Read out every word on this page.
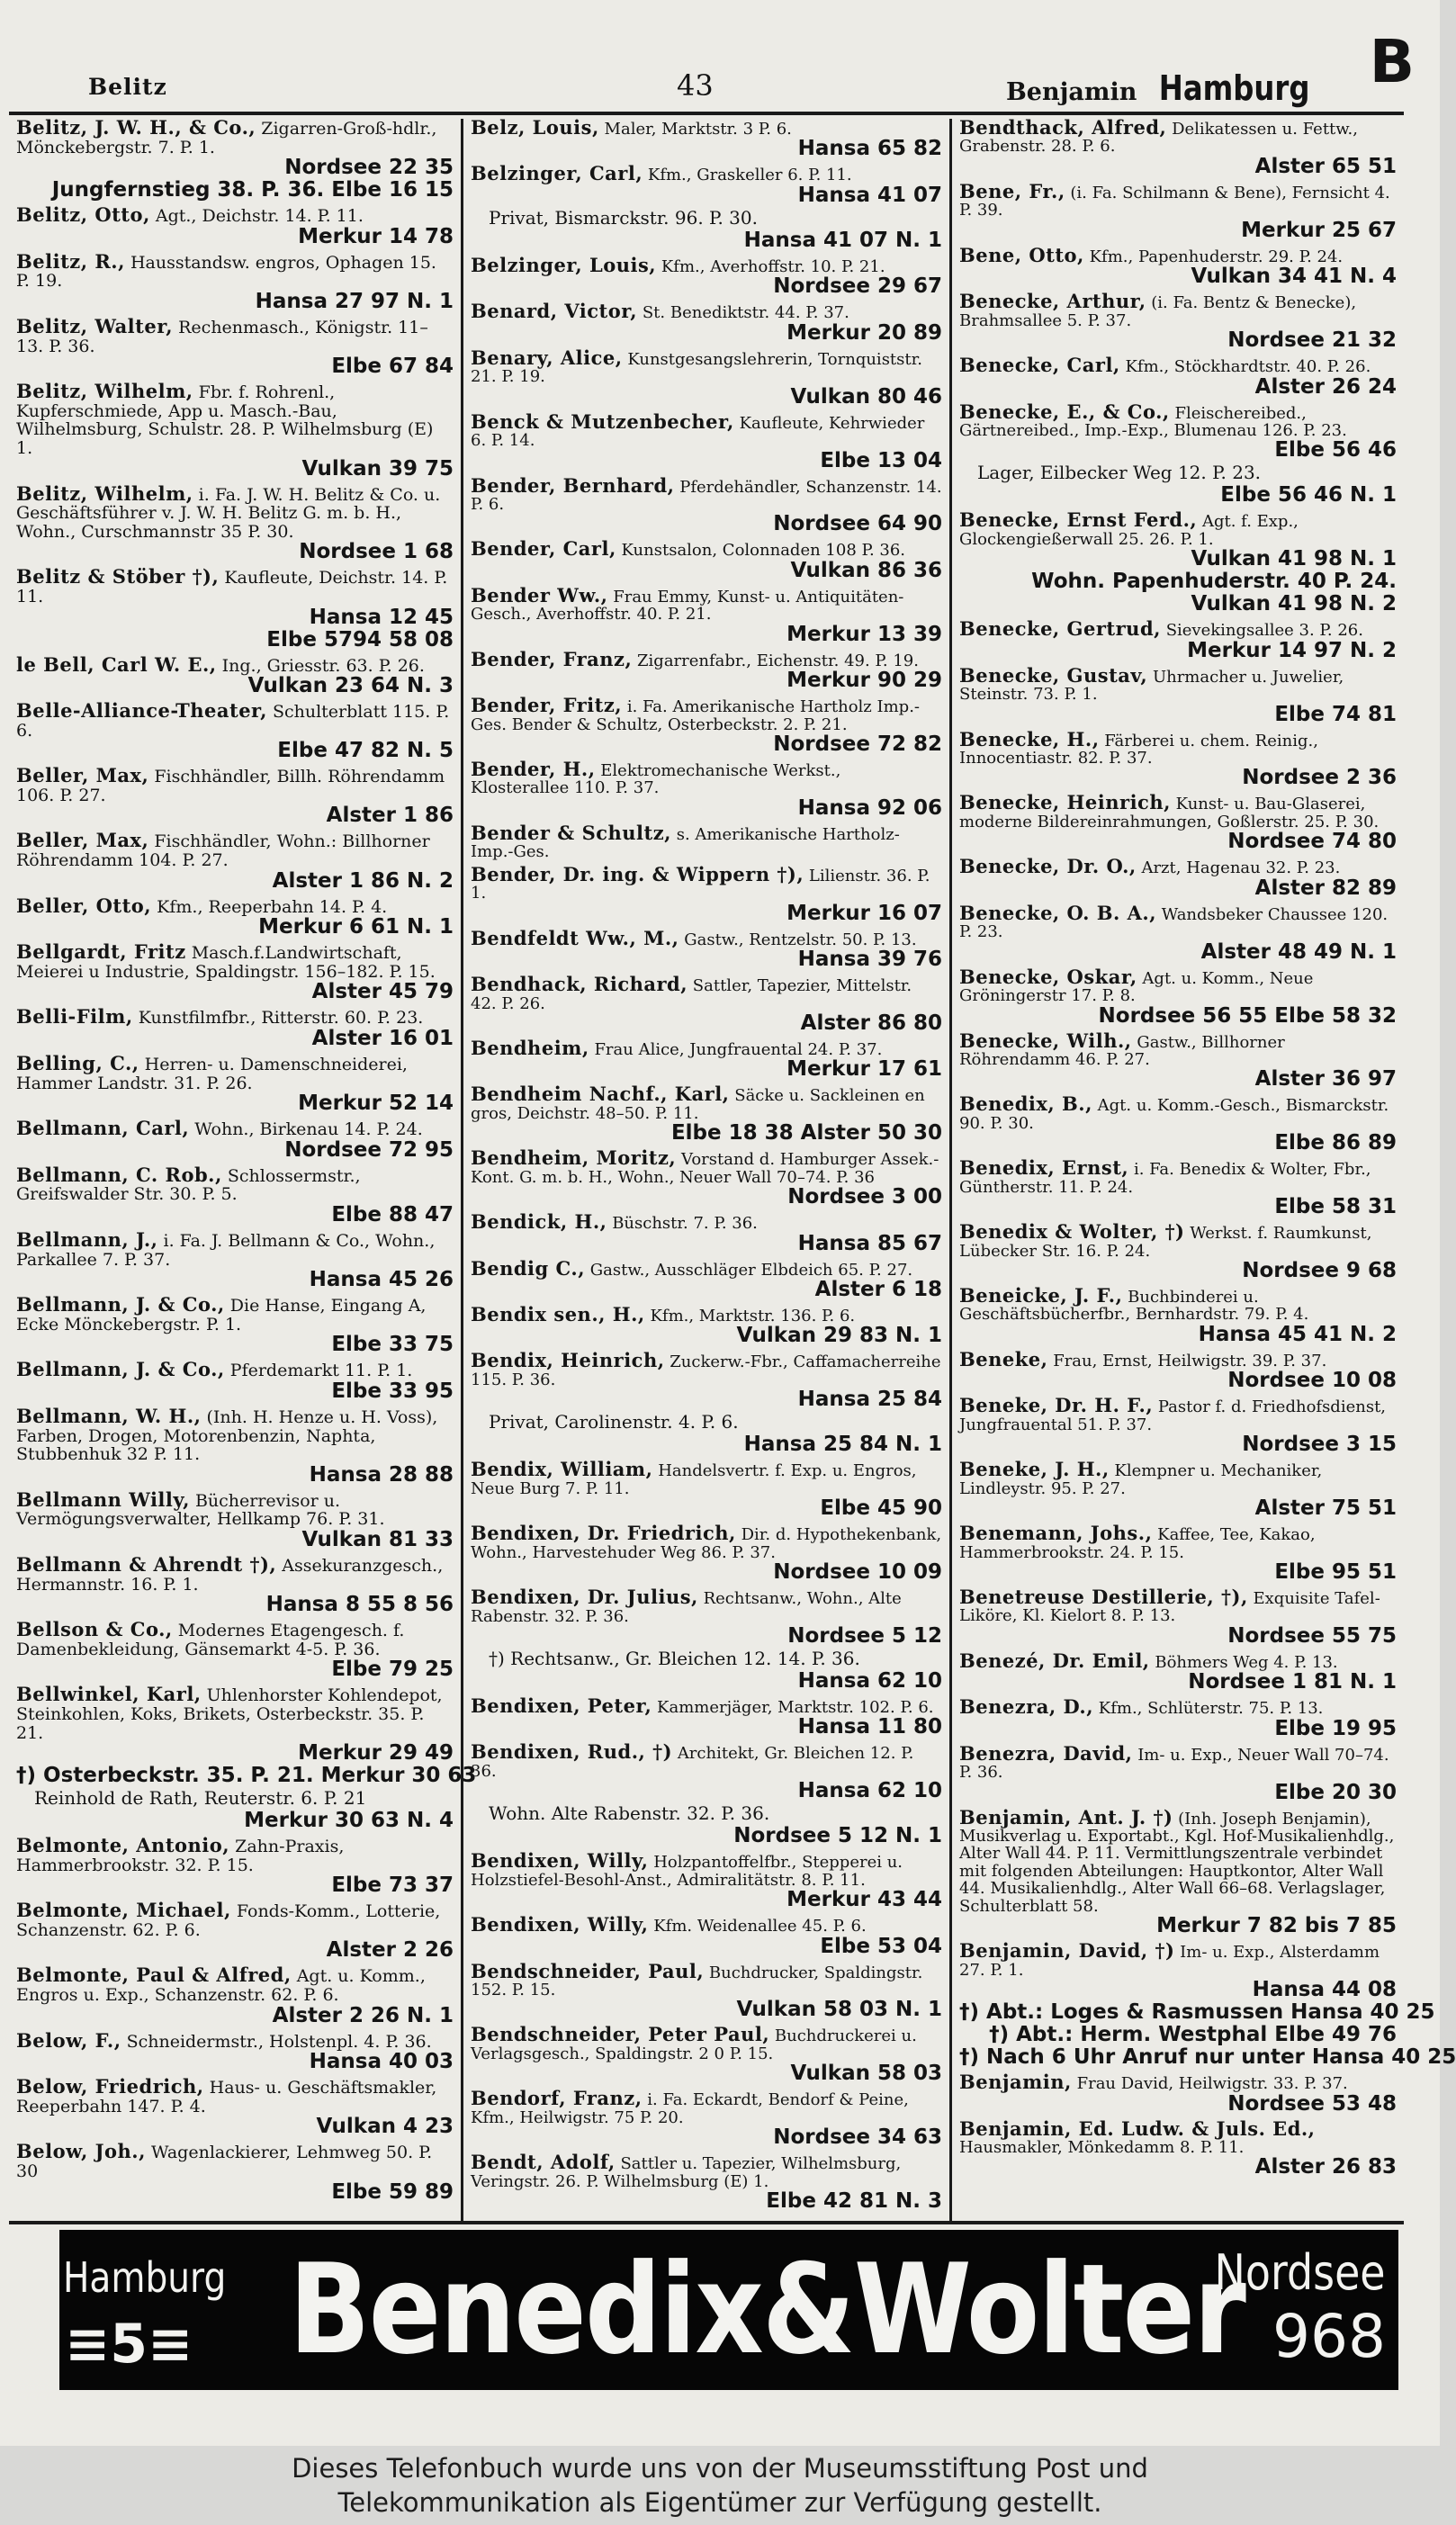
Belitz	43	Benjamin Hamburg B
Belitz, J. W. H., & Co., Zigarren-Groß-hdlr., Mönckebergstr. 7. P. 1.
Nordsee 22 35
Jungfernstieg 38. P. 36. Elbe 16 15
Belitz, Otto, Agt., Deichstr. 14. P. 11.
Merkur 14 78
Belitz, R., Hausstandsw. engros, Ophagen 15. P. 19.
Hansa 27 97 N. 1
Belitz, Walter, Rechenmasch., Königstr. 11–13. P. 36.
Elbe 67 84
Belitz, Wilhelm, Fbr. f. Rohrenl., Kupferschmiede, App u. Masch.-Bau, Wilhelmsburg, Schulstr. 28. P. Wilhelmsburg (E) 1.
Vulkan 39 75
Belitz, Wilhelm, i. Fa. J. W. H. Belitz & Co. u. Geschäftsführer v. J. W. H. Belitz G. m. b. H., Wohn., Curschmannstr 35 P. 30.
Nordsee 1 68
Belitz & Stöber †), Kaufleute, Deichstr. 14. P. 11.
Hansa 12 45
Elbe 5794 58 08
le Bell, Carl W. E., Ing., Griesstr. 63. P. 26.
Vulkan 23 64 N. 3
Belle-Alliance-Theater, Schulterblatt 115. P. 6.
Elbe 47 82 N. 5
Beller, Max, Fischhändler, Billh. Röhrendamm 106. P. 27.
Alster 1 86
Beller, Max, Fischhändler, Wohn.: Billhorner Röhrendamm 104. P. 27.
Alster 1 86 N. 2
Beller, Otto, Kfm., Reeperbahn 14. P. 4.
Merkur 6 61 N. 1
Bellgardt, Fritz Masch.f.Landwirtschaft, Meierei u Industrie, Spaldingstr. 156–182. P. 15.
Alster 45 79
Belli-Film, Kunstfilmfbr., Ritterstr. 60. P. 23.
Alster 16 01
Belling, C., Herren- u. Damenschneiderei, Hammer Landstr. 31. P. 26.
Merkur 52 14
Bellmann, Carl, Wohn., Birkenau 14. P. 24.
Nordsee 72 95
Bellmann, C. Rob., Schlossermstr., Greifswalder Str. 30. P. 5.
Elbe 88 47
Bellmann, J., i. Fa. J. Bellmann & Co., Wohn., Parkallee 7. P. 37.
Hansa 45 26
Bellmann, J. & Co., Die Hanse, Eingang A, Ecke Mönckebergstr. P. 1.
Elbe 33 75
Bellmann, J. & Co., Pferdemarkt 11. P. 1.
Elbe 33 95
Bellmann, W. H., (Inh. H. Henze u. H. Voss), Farben, Drogen, Motorenbenzin, Naphta, Stubbenhuk 32 P. 11.
Hansa 28 88
Bellmann Willy, Bücherrevisor u. Vermögungsverwalter, Hellkamp 76. P. 31.
Vulkan 81 33
Bellmann & Ahrendt †), Assekuranzgesch., Hermannstr. 16. P. 1.
Hansa 8 55 8 56
Bellson & Co., Modernes Etagengesch. f. Damenbekleidung, Gänsemarkt 4-5. P. 36.
Elbe 79 25
Bellwinkel, Karl, Uhlenhorster Kohlendepot, Steinkohlen, Koks, Brikets, Osterbeckstr. 35. P. 21.
Merkur 29 49
†) Osterbeckstr. 35. P. 21. Merkur 30 63
Reinhold de Rath, Reuterstr. 6. P. 21
Merkur 30 63 N. 4
Belmonte, Antonio, Zahn-Praxis, Hammerbrookstr. 32. P. 15.
Elbe 73 37
Belmonte, Michael, Fonds-Komm., Lotterie, Schanzenstr. 62. P. 6.
Alster 2 26
Belmonte, Paul & Alfred, Agt. u. Komm., Engros u. Exp., Schanzenstr. 62. P. 6.
Alster 2 26 N. 1
Below, F., Schneidermstr., Holstenpl. 4. P. 36.
Hansa 40 03
Below, Friedrich, Haus- u. Geschäftsmakler, Reeperbahn 147. P. 4.
Vulkan 4 23
Below, Joh., Wagenlackierer, Lehmweg 50. P. 30
Elbe 59 89
Belz, Louis, Maler, Marktstr. 3 P. 6.
Hansa 65 82
Belzinger, Carl, Kfm., Graskeller 6. P. 11.
Hansa 41 07
Privat, Bismarckstr. 96. P. 30.
Hansa 41 07 N. 1
Belzinger, Louis, Kfm., Averhoffstr. 10. P. 21.
Nordsee 29 67
Benard, Victor, St. Benediktstr. 44. P. 37.
Merkur 20 89
Benary, Alice, Kunstgesangslehrerin, Tornquiststr. 21. P. 19.
Vulkan 80 46
Benck & Mutzenbecher, Kaufleute, Kehrwieder 6. P. 14.
Elbe 13 04
Bender, Bernhard, Pferdehändler, Schanzenstr. 14. P. 6.
Nordsee 64 90
Bender, Carl, Kunstsalon, Colonnaden 108 P. 36.
Vulkan 86 36
Bender Ww., Frau Emmy, Kunst- u. Antiquitäten-Gesch., Averhoffstr. 40. P. 21.
Merkur 13 39
Bender, Franz, Zigarrenfabr., Eichenstr. 49. P. 19.
Merkur 90 29
Bender, Fritz, i. Fa. Amerikanische Hartholz Imp.-Ges. Bender & Schultz, Osterbeckstr. 2. P. 21.
Nordsee 72 82
Bender, H., Elektromechanische Werkst., Klosterallee 110. P. 37.
Hansa 92 06
Bender & Schultz, s. Amerikanische Hartholz-Imp.-Ges.
Bender, Dr. ing. & Wippern †), Lilienstr. 36. P. 1.
Merkur 16 07
Bendfeldt Ww., M., Gastw., Rentzelstr. 50. P. 13.
Hansa 39 76
Bendhack, Richard, Sattler, Tapezier, Mittelstr. 42. P. 26.
Alster 86 80
Bendheim, Frau Alice, Jungfrauental 24. P. 37.
Merkur 17 61
Bendheim Nachf., Karl, Säcke u. Sackleinen en gros, Deichstr. 48–50. P. 11.
Elbe 18 38 Alster 50 30
Bendheim, Moritz, Vorstand d. Hamburger Assek.-Kont. G. m. b. H., Wohn., Neuer Wall 70–74. P. 36
Nordsee 3 00
Bendick, H., Büschstr. 7. P. 36.
Hansa 85 67
Bendig C., Gastw., Ausschläger Elbdeich 65. P. 27.
Alster 6 18
Bendix sen., H., Kfm., Marktstr. 136. P. 6.
Vulkan 29 83 N. 1
Bendix, Heinrich, Zuckerw.-Fbr., Caffamacherreihe 115. P. 36.
Hansa 25 84
Privat, Carolinenstr. 4. P. 6.
Hansa 25 84 N. 1
Bendix, William, Handelsvertr. f. Exp. u. Engros, Neue Burg 7. P. 11.
Elbe 45 90
Bendixen, Dr. Friedrich, Dir. d. Hypothekenbank, Wohn., Harvestehuder Weg 86. P. 37.
Nordsee 10 09
Bendixen, Dr. Julius, Rechtsanw., Wohn., Alte Rabenstr. 32. P. 36.
Nordsee 5 12
†) Rechtsanw., Gr. Bleichen 12. 14. P. 36.
Hansa 62 10
Bendixen, Peter, Kammerjäger, Marktstr. 102. P. 6.
Hansa 11 80
Bendixen, Rud., †) Architekt, Gr. Bleichen 12. P. 36.
Hansa 62 10
Wohn. Alte Rabenstr. 32. P. 36.
Nordsee 5 12 N. 1
Bendixen, Willy, Holzpantoffelfbr., Stepperei u. Holzstiefel-Besohl-Anst., Admiralitätstr. 8. P. 11.
Merkur 43 44
Bendixen, Willy, Kfm. Weidenallee 45. P. 6.
Elbe 53 04
Bendschneider, Paul, Buchdrucker, Spaldingstr. 152. P. 15.
Vulkan 58 03 N. 1
Bendschneider, Peter Paul, Buchdruckerei u. Verlagsgesch., Spaldingstr. 2 0 P. 15.
Vulkan 58 03
Bendorf, Franz, i. Fa. Eckardt, Bendorf & Peine, Kfm., Heilwigstr. 75 P. 20.
Nordsee 34 63
Bendt, Adolf, Sattler u. Tapezier, Wilhelmsburg, Veringstr. 26. P. Wilhelmsburg (E) 1.
Elbe 42 81 N. 3
Bendthack, Alfred, Delikatessen u. Fettw., Grabenstr. 28. P. 6.
Alster 65 51
Bene, Fr., (i. Fa. Schilmann & Bene), Fernsicht 4. P. 39.
Merkur 25 67
Bene, Otto, Kfm., Papenhuderstr. 29. P. 24.
Vulkan 34 41 N. 4
Benecke, Arthur, (i. Fa. Bentz & Benecke), Brahmsallee 5. P. 37.
Nordsee 21 32
Benecke, Carl, Kfm., Stöckhardtstr. 40. P. 26.
Alster 26 24
Benecke, E., & Co., Fleischereibed., Gärtnereibed., Imp.-Exp., Blumenau 126. P. 23.
Elbe 56 46
Lager, Eilbecker Weg 12. P. 23.
Elbe 56 46 N. 1
Benecke, Ernst Ferd., Agt. f. Exp., Glockengießerwall 25. 26. P. 1.
Vulkan 41 98 N. 1
Wohn. Papenhuderstr. 40 P. 24.
Vulkan 41 98 N. 2
Benecke, Gertrud, Sievekingsallee 3. P. 26.
Merkur 14 97 N. 2
Benecke, Gustav, Uhrmacher u. Juwelier, Steinstr. 73. P. 1.
Elbe 74 81
Benecke, H., Färberei u. chem. Reinig., Innocentiastr. 82. P. 37.
Nordsee 2 36
Benecke, Heinrich, Kunst- u. Bau-Glaserei, moderne Bildereinrahmungen, Goßlerstr. 25. P. 30.
Nordsee 74 80
Benecke, Dr. O., Arzt, Hagenau 32. P. 23.
Alster 82 89
Benecke, O. B. A., Wandsbeker Chaussee 120. P. 23.
Alster 48 49 N. 1
Benecke, Oskar, Agt. u. Komm., Neue Gröningerstr 17. P. 8.
Nordsee 56 55 Elbe 58 32
Benecke, Wilh., Gastw., Billhorner Röhrendamm 46. P. 27.
Alster 36 97
Benedix, B., Agt. u. Komm.-Gesch., Bismarckstr. 90. P. 30.
Elbe 86 89
Benedix, Ernst, i. Fa. Benedix & Wolter, Fbr., Güntherstr. 11. P. 24.
Elbe 58 31
Benedix & Wolter, †) Werkst. f. Raumkunst, Lübecker Str. 16. P. 24.
Nordsee 9 68
Beneicke, J. F., Buchbinderei u. Geschäftsbücherfbr., Bernhardstr. 79. P. 4.
Hansa 45 41 N. 2
Beneke, Frau, Ernst, Heilwigstr. 39. P. 37.
Nordsee 10 08
Beneke, Dr. H. F., Pastor f. d. Friedhofsdienst, Jungfrauental 51. P. 37.
Nordsee 3 15
Beneke, J. H., Klempner u. Mechaniker, Lindleystr. 95. P. 27.
Alster 75 51
Benemann, Johs., Kaffee, Tee, Kakao, Hammerbrookstr. 24. P. 15.
Elbe 95 51
Benetreuse Destillerie, †), Exquisite Tafel-Liköre, Kl. Kielort 8. P. 13.
Nordsee 55 75
Benezé, Dr. Emil, Böhmers Weg 4. P. 13.
Nordsee 1 81 N. 1
Benezra, D., Kfm., Schlüterstr. 75. P. 13.
Elbe 19 95
Benezra, David, Im- u. Exp., Neuer Wall 70–74. P. 36.
Elbe 20 30
Benjamin, Ant. J. †) (Inh. Joseph Benjamin), Musikverlag u. Exportabt., Kgl. Hof-Musikalienhdlg., Alter Wall 44. P. 11. Vermittlungszentrale verbindet mit folgenden Abteilungen: Hauptkontor, Alter Wall 44. Musikalienhdlg., Alter Wall 66–68. Verlagslager, Schulterblatt 58.
Merkur 7 82 bis 7 85
Benjamin, David, †) Im- u. Exp., Alsterdamm 27. P. 1.
Hansa 44 08
†) Abt.: Loges & Rasmussen Hansa 40 25
†) Abt.: Herm. Westphal Elbe 49 76
†) Nach 6 Uhr Anruf nur unter Hansa 40 25
Benjamin, Frau David, Heilwigstr. 33. P. 37.
Nordsee 53 48
Benjamin, Ed. Ludw. & Juls. Ed., Hausmakler, Mönkedamm 8. P. 11.
Alster 26 83
Hamburg
≡5≡ Benedix&Wolter
Nordsee
968
Dieses Telefonbuch wurde uns von der Museumsstiftung Post und
Telekommunikation als Eigentümer zur Verfügung gestellt.
